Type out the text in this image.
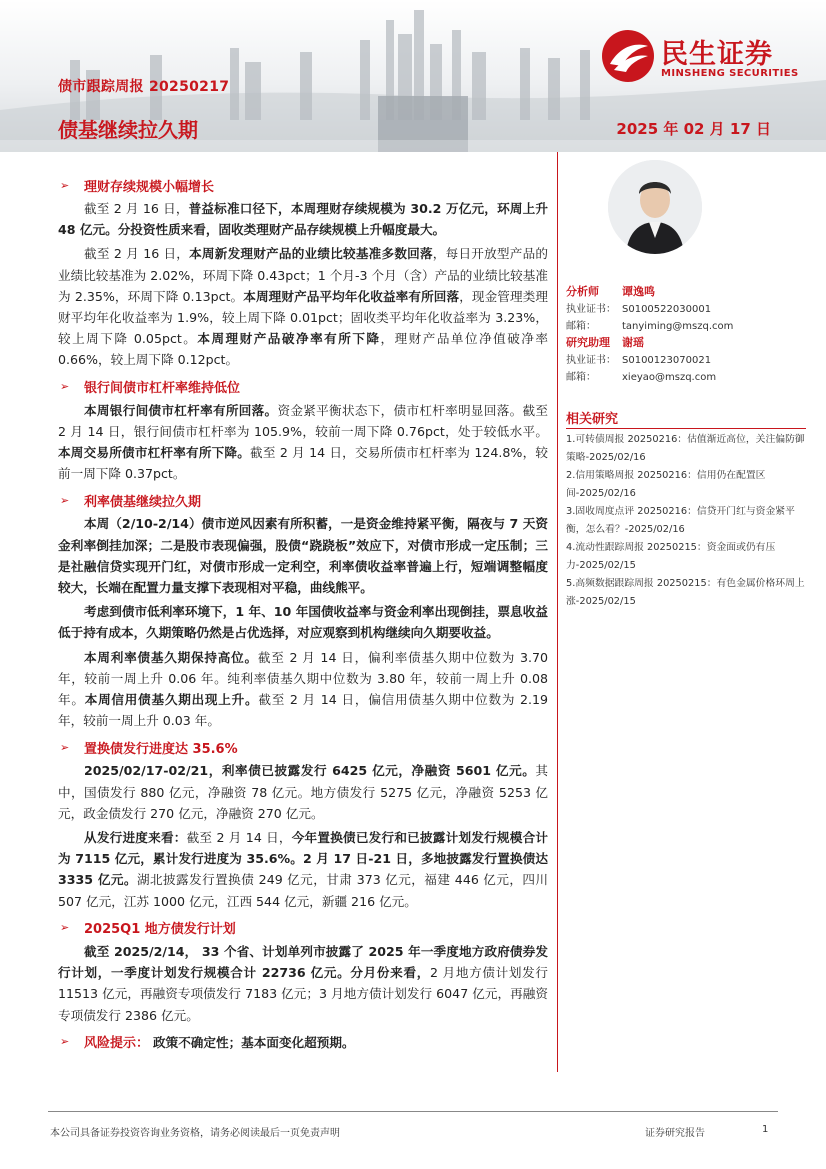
债市跟踪周报 20250217
债基继续拉久期	2025 年 02 月 17 日
民生证券
MINSHENG SECURITIES
➢	理财存续规模小幅增长

截至 2 月 16 日，普益标准口径下，本周理财存续规模为 30.2 万亿元，环周上升 48 亿元。分投资性质来看，固收类理财产品存续规模上升幅度最大。

截至 2 月 16 日，本周新发理财产品的业绩比较基准多数回落，每日开放型产品的业绩比较基准为 2.02%，环周下降 0.43pct；1 个月-3 个月（含）产品的业绩比较基准为 2.35%，环周下降 0.13pct。本周理财产品平均年化收益率有所回落，现金管理类理财平均年化收益率为 1.9%，较上周下降 0.01pct；固收类平均年化收益率为 3.23%，较上周下降 0.05pct。本周理财产品破净率有所下降，理财产品单位净值破净率 0.66%，较上周下降 0.12pct。

➢	银行间债市杠杆率维持低位

本周银行间债市杠杆率有所回落。资金紧平衡状态下，债市杠杆率明显回落。截至 2 月 14 日，银行间债市杠杆率为 105.9%，较前一周下降 0.76pct，处于较低水平。本周交易所债市杠杆率有所下降。截至 2 月 14 日，交易所债市杠杆率为 124.8%，较前一周下降 0.37pct。

➢	利率债基继续拉久期

本周（2/10-2/14）债市逆风因素有所积蓄，一是资金维持紧平衡，隔夜与 7 天资金利率倒挂加深；二是股市表现偏强，股债“跷跷板”效应下，对债市形成一定压制；三是社融信贷实现开门红，对债市形成一定利空，利率债收益率普遍上行，短端调整幅度较大，长端在配置力量支撑下表现相对平稳，曲线熊平。

考虑到债市低利率环境下，1 年、10 年国债收益率与资金利率出现倒挂，票息收益低于持有成本，久期策略仍然是占优选择，对应观察到机构继续向久期要收益。

本周利率债基久期保持高位。截至 2 月 14 日，偏利率债基久期中位数为 3.70 年，较前一周上升 0.06 年。纯利率债基久期中位数为 3.80 年，较前一周上升 0.08 年。本周信用债基久期出现上升。截至 2 月 14 日，偏信用债基久期中位数为 2.19 年，较前一周上升 0.03 年。

➢	置换债发行进度达 35.6%

2025/02/17-02/21，利率债已披露发行 6425 亿元，净融资 5601 亿元。其中，国债发行 880 亿元，净融资 78 亿元。地方债发行 5275 亿元，净融资 5253 亿元，政金债发行 270 亿元，净融资 270 亿元。

从发行进度来看：截至 2 月 14 日，今年置换债已发行和已披露计划发行规模合计为 7115 亿元，累计发行进度为 35.6%。2 月 17 日-21 日，多地披露发行置换债达 3335 亿元。湖北披露发行置换债 249 亿元，甘肃 373 亿元，福建 446 亿元，四川 507 亿元，江苏 1000 亿元，江西 544 亿元，新疆 216 亿元。

➢	2025Q1 地方债发行计划

截至 2025/2/14， 33 个省、计划单列市披露了 2025 年一季度地方政府债券发行计划，一季度计划发行规模合计 22736 亿元。分月份来看，2 月地方债计划发行 11513 亿元，再融资专项债发行 7183 亿元；3 月地方债计划发行 6047 亿元，再融资专项债发行 2386 亿元。

➢	风险提示： 政策不确定性；基本面变化超预期。
分析师	谭逸鸣
执业证书： S0100522030001
邮箱：	tanyiming@mszq.com
研究助理	谢瑶
执业证书： S0100123070021
邮箱：	xieyao@mszq.com
相关研究
1.可转债周报 20250216：估值渐近高位，关注偏防御策略-2025/02/16
2.信用策略周报 20250216：信用仍在配置区间-2025/02/16
3.固收周度点评 20250216：信贷开门红与资金紧平衡，怎么看？-2025/02/16
4.流动性跟踪周报 20250215：资金面或仍有压力-2025/02/15
5.高频数据跟踪周报 20250215：有色金属价格环周上涨-2025/02/15
本公司具备证券投资咨询业务资格，请务必阅读最后一页免责声明	证券研究报告	1
